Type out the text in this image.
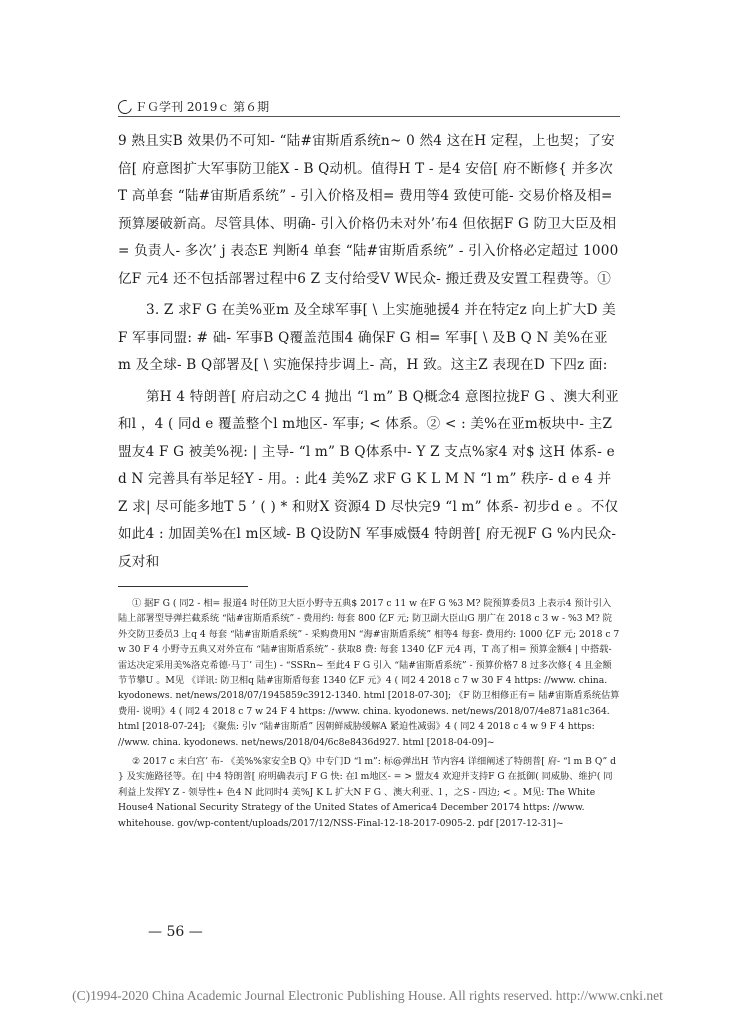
ＦＧ学刊 2019ｃ 第６期

9 熟且实B 效果仍不可知- “陆#宙斯盾系统n~ 0 然4 这在H 定程，上也契；了安倍[ 府意图扩大军事防卫能X - B Q动机。值得H T - 是4 安倍[ 府不断修{ 并多次T 高单套 “陆#宙斯盾系统” - 引入价格及相= 费用等4 致使可能- 交易价格及相= 预算屡破新高。尽管具体、明确- 引入价格仍未对外’布4 但依据F G 防卫大臣及相= 负责人- 多次’ j 表态E 判断4 单套 “陆#宙斯盾系统” - 引入价格必定超过 1000 亿F 元4 还不包括部署过程中6 Z 支付给受V W民众- 搬迁费及安置工程费等。①

3. Z 求F G 在美%亚m 及全球军事[ \ 上实施驰援4 并在特定z 向上扩大D 美F 军事同盟: # 础- 军事B Q覆盖范围4 确保F G 相= 军事[ \ 及B Q N 美%在亚m 及全球- B Q部署及[ \ 实施保持步调上- 高，H 致。这主Z 表现在D 下四z 面:

第H 4 特朗普[ 府启动之C 4 抛出 “l m” B Q概念4 意图拉拢F G 、澳大利亚和l ，4 ( 同d e 覆盖整个l m地区- 军事; < 体系。② < : 美%在亚m板块中- 主Z 盟友4 F G 被美%视: | 主导- “l m” B Q体系中- Y Z 支点%家4 对$ 这H 体系- e d N 完善具有举足轻Y - 用。: 此4 美%Z 求F G K L M N “l m” 秩序- d e 4 并Z 求| 尽可能多地T 5 ’ ( ) * 和财X 资源4 D 尽快完9 “l m” 体系- 初步d e 。不仅如此4 : 加固美%在l m区域- B Q设防N 军事威慑4 特朗普[ 府无视F G %内民众- 反对和

① 据F G ( 同2 - 相= 报道4 时任防卫大臣小野寺五典$ 2017 c 11 w 在F G %3 M? 院预算委员3 上表示4 预计引入陆上部署型导弹拦截系统 “陆#宙斯盾系统” - 费用约: 每套 800 亿F 元; 防卫副大臣山G 朋广在 2018 c 3 w - %3 M? 院外交防卫委员3 上q 4 每套 “陆#宙斯盾系统” - 采购费用N “海#宙斯盾系统” 相等4 每套- 费用约: 1000 亿F 元; 2018 c 7 w 30 F 4 小野寺五典又对外宣布 “陆#宙斯盾系统” - 获取8 费: 每套 1340 亿F 元4 再，T 高了相= 预算金额4 | 中搭载- 雷达决定采用美%洛克希德·马丁’ 司生) - “SSRn~ 至此4 F G 引入 “陆#宙斯盾系统” - 预算价格7 8 过多次修{ 4 且金额节节攀U 。M见 《详讯: 防卫相q 陆#宙斯盾每套 1340 亿F 元》4 ( 同2 4 2018 c 7 w 30 F 4 https: //www. china. kyodonews. net/news/2018/07/1945859c3912-1340. html [2018-07-30]; 《F 防卫相修正有= 陆#宙斯盾系统估算费用- 说明》4 ( 同2 4 2018 c 7 w 24 F 4 https: //www. china. kyodonews. net/news/2018/07/4e871a81c364. html [2018-07-24]; 《聚焦: 引v “陆#宙斯盾” 因朝鲜威胁缓解A 紧迫性减弱》4 ( 同2 4 2018 c 4 w 9 F 4 https: //www. china. kyodonews. net/news/2018/04/6c8e8436d927. html [2018-04-09]~

② 2017 c 末白宫’ 布- 《美%%家安全B Q》中专门D “l m”: 标@弹出H 节内容4 详细阐述了特朗普[ 府- “l m B Q” d } 及实施路径等。在| 中4 特朗普[ 府明确表示J F G 快: 在l m地区- = > 盟友4 欢迎并支持F G 在抵御( 同威胁、维护( 同利益上发挥Y Z - 领导性+ 色4 N 此同时4 美%J K L 扩大N F G 、澳大利亚、l ，之S - 四边; < 。M见: The White House4 National Security Strategy of the United States of America4 December 20174 https: //www. whitehouse. gov/wp-content/uploads/2017/12/NSS-Final-12-18-2017-0905-2. pdf [2017-12-31]~

— 56 —
(C)1994-2020 China Academic Journal Electronic Publishing House. All rights reserved. http://www.cnki.net
